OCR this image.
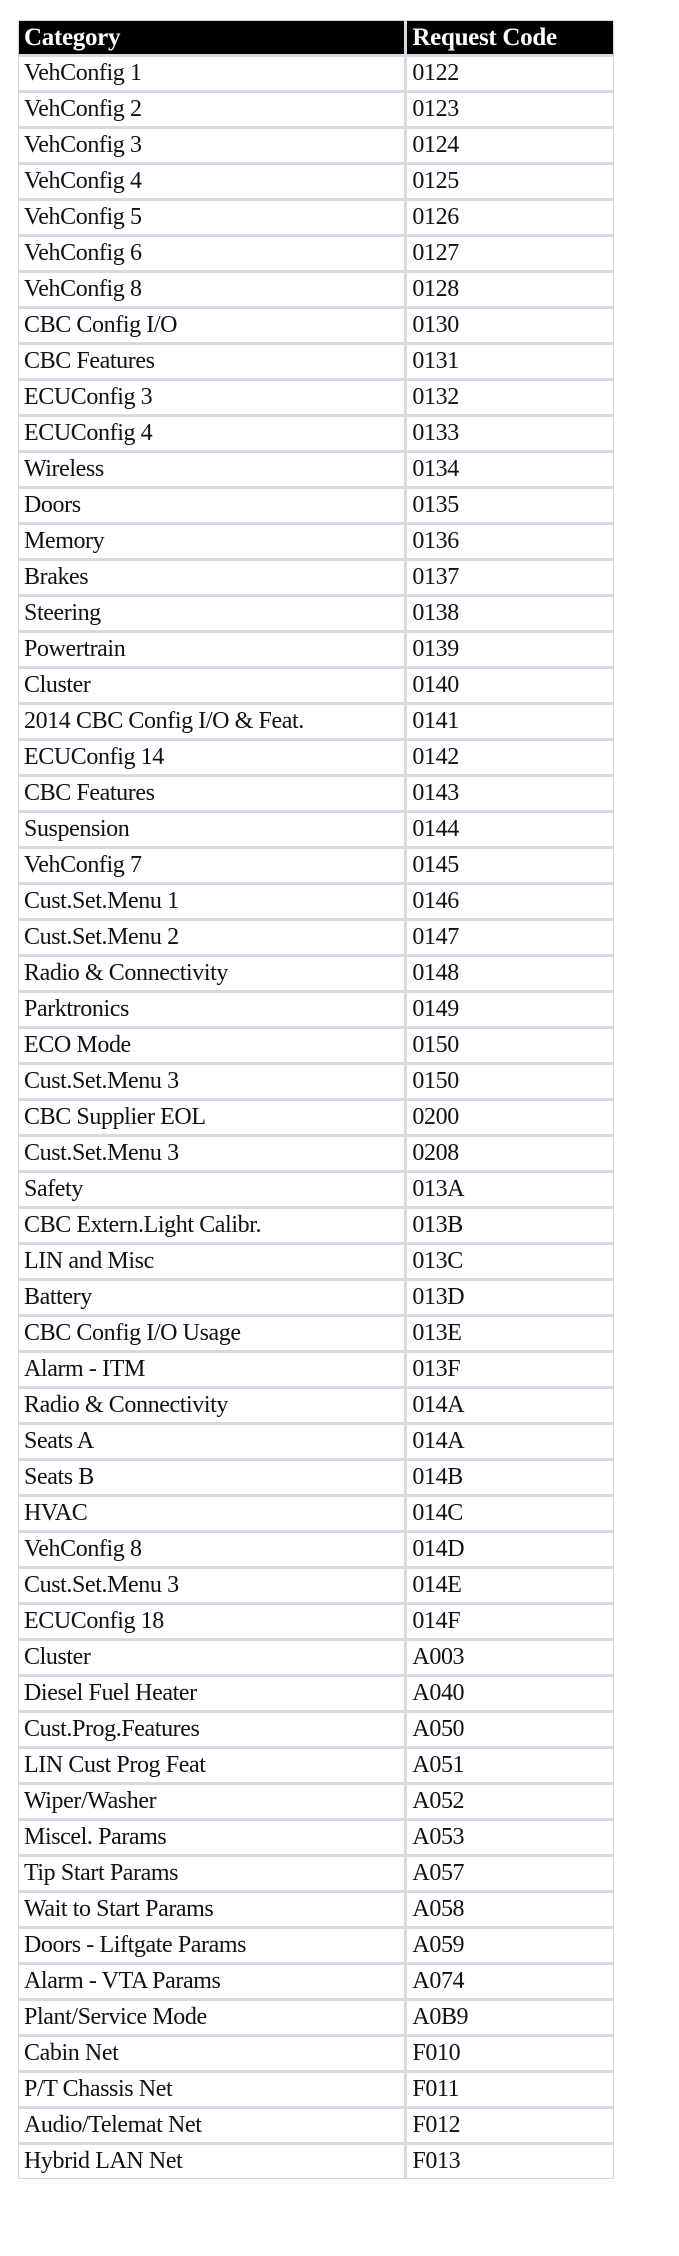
Category	Request Code
VehConfig 1	0122
VehConfig 2	0123
VehConfig 3	0124
VehConfig 4	0125
VehConfig 5	0126
VehConfig 6	0127
VehConfig 8	0128
CBC Config I/O	0130
CBC Features	0131
ECUConfig 3	0132
ECUConfig 4	0133
Wireless	0134
Doors	0135
Memory	0136
Brakes	0137
Steering	0138
Powertrain	0139
Cluster	0140
2014 CBC Config I/O & Feat.	0141
ECUConfig 14	0142
CBC Features	0143
Suspension	0144
VehConfig 7	0145
Cust.Set.Menu 1	0146
Cust.Set.Menu 2	0147
Radio & Connectivity	0148
Parktronics	0149
ECO Mode	0150
Cust.Set.Menu 3	0150
CBC Supplier EOL	0200
Cust.Set.Menu 3	0208
Safety	013A
CBC Extern.Light Calibr.	013B
LIN and Misc	013C
Battery	013D
CBC Config I/O Usage	013E
Alarm - ITM	013F
Radio & Connectivity	014A
Seats A	014A
Seats B	014B
HVAC	014C
VehConfig 8	014D
Cust.Set.Menu 3	014E
ECUConfig 18	014F
Cluster	A003
Diesel Fuel Heater	A040
Cust.Prog.Features	A050
LIN Cust Prog Feat	A051
Wiper/Washer	A052
Miscel. Params	A053
Tip Start Params	A057
Wait to Start Params	A058
Doors - Liftgate Params	A059
Alarm - VTA Params	A074
Plant/Service Mode	A0B9
Cabin Net	F010
P/T Chassis Net	F011
Audio/Telemat Net	F012
Hybrid LAN Net	F013
